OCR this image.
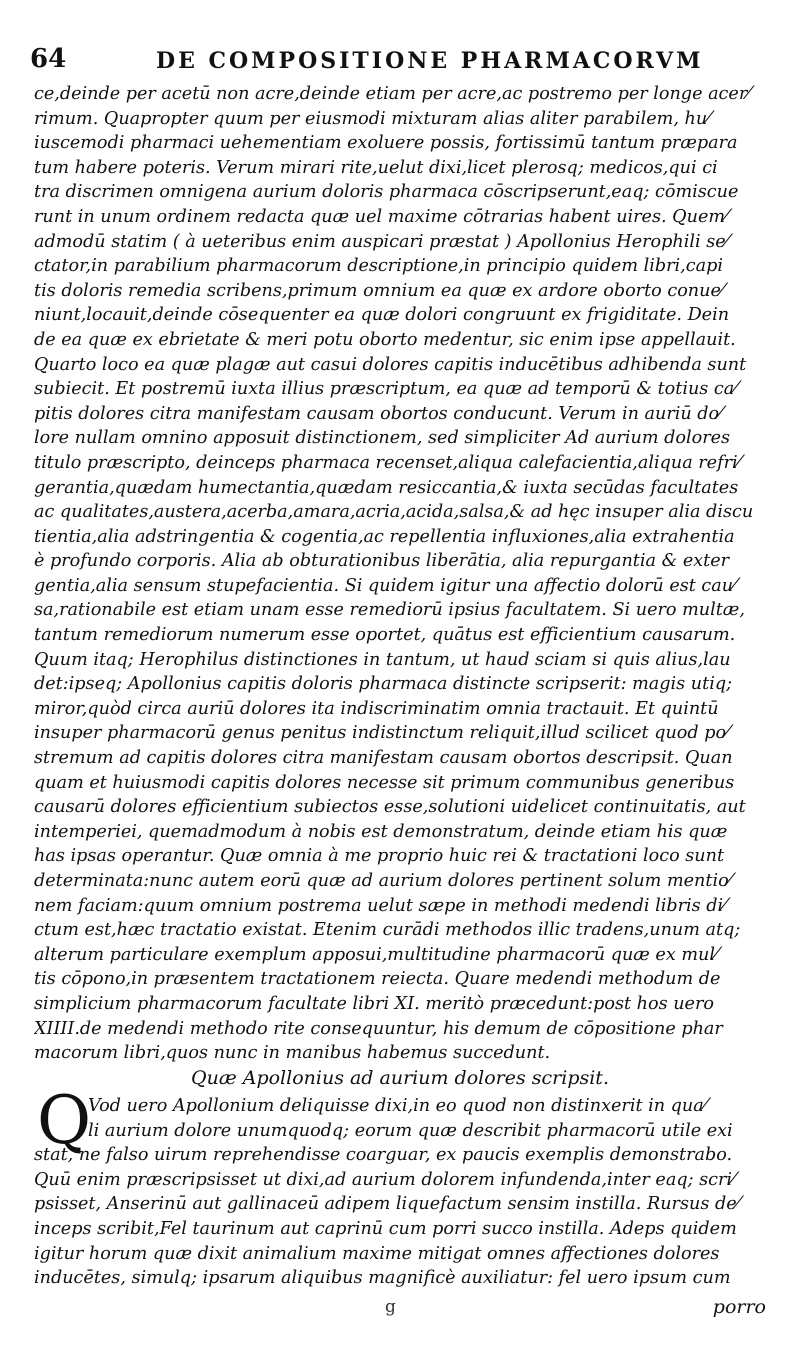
64	DE COMPOSITIONE PHARMACORVM
ce,deinde per acetū non acre,deinde etiam per acre,ac postremo per longe acer⁄
rimum. Quapropter quum per eiusmodi mixturam alias aliter parabilem, hu⁄
iuscemodi pharmaci uehementiam exoluere possis, fortissimū tantum præpara
tum habere poteris. Verum mirari rite,uelut dixi,licet plerosq; medicos,qui ci
tra discrimen omnigena aurium doloris pharmaca cōscripserunt,eaq; cōmiscue
runt in unum ordinem redacta quæ uel maxime cōtrarias habent uires. Quem⁄
admodū statim ( à ueteribus enim auspicari præstat ) Apollonius Herophili se⁄
ctator,in parabilium pharmacorum descriptione,in principio quidem libri,capi
tis doloris remedia scribens,primum omnium ea quæ ex ardore oborto conue⁄
niunt,locauit,deinde cōsequenter ea quæ dolori congruunt ex frigiditate. Dein
de ea quæ ex ebrietate & meri potu oborto medentur, sic enim ipse appellauit.
Quarto loco ea quæ plagæ aut casui dolores capitis inducētibus adhibenda sunt
subiecit. Et postremū iuxta illius præscriptum, ea quæ ad temporū & totius ca⁄
pitis dolores citra manifestam causam obortos conducunt. Verum in auriū do⁄
lore nullam omnino apposuit distinctionem, sed simpliciter Ad aurium dolores
titulo præscripto, deinceps pharmaca recenset,aliqua calefacientia,aliqua refri⁄
gerantia,quædam humectantia,quædam resiccantia,& iuxta secūdas facultates
ac qualitates,austera,acerba,amara,acria,acida,salsa,& ad hęc insuper alia discu
tientia,alia adstringentia & cogentia,ac repellentia influxiones,alia extrahentia
è profundo corporis. Alia ab obturationibus liberātia, alia repurgantia & exter
gentia,alia sensum stupefacientia. Si quidem igitur una affectio dolorū est cau⁄
sa,rationabile est etiam unam esse remediorū ipsius facultatem. Si uero multæ,
tantum remediorum numerum esse oportet, quātus est efficientium causarum.
Quum itaq; Herophilus distinctiones in tantum, ut haud sciam si quis alius,lau
det:ipseq; Apollonius capitis doloris pharmaca distincte scripserit: magis utiq;
miror,quòd circa auriū dolores ita indiscriminatim omnia tractauit. Et quintū
insuper pharmacorū genus penitus indistinctum reliquit,illud scilicet quod po⁄
stremum ad capitis dolores citra manifestam causam obortos descripsit. Quan
quam et huiusmodi capitis dolores necesse sit primum communibus generibus
causarū dolores efficientium subiectos esse,solutioni uidelicet continuitatis, aut
intemperiei, quemadmodum à nobis est demonstratum, deinde etiam his quæ
has ipsas operantur. Quæ omnia à me proprio huic rei & tractationi loco sunt
determinata:nunc autem eorū quæ ad aurium dolores pertinent solum mentio⁄
nem faciam:quum omnium postrema uelut sæpe in methodi medendi libris di⁄
ctum est,hæc tractatio existat. Etenim curādi methodos illic tradens,unum atq;
alterum particulare exemplum apposui,multitudine pharmacorū quæ ex mul⁄
tis cōpono,in præsentem tractationem reiecta. Quare medendi methodum de
simplicium pharmacorum facultate libri XI. meritò præcedunt:post hos uero
XIIII.de medendi methodo rite consequuntur, his demum de cōpositione phar
macorum libri,quos nunc in manibus habemus succedunt.
Quæ Apollonius ad aurium dolores scripsit.
Q
Vod uero Apollonium deliquisse dixi,in eo quod non distinxerit in qua⁄
li aurium dolore unumquodq; eorum quæ describit pharmacorū utile exi
stat, ne falso uirum reprehendisse coarguar, ex paucis exemplis demonstrabo.
Quū enim præscripsisset ut dixi,ad aurium dolorem infundenda,inter eaq; scri⁄
psisset, Anserinū aut gallinaceū adipem liquefactum sensim instilla. Rursus de⁄
inceps scribit,Fel taurinum aut caprinū cum porri succo instilla. Adeps quidem
igitur horum quæ dixit animalium maxime mitigat omnes affectiones dolores
inducētes, simulq; ipsarum aliquibus magnificè auxiliatur: fel uero ipsum cum
g	porro
